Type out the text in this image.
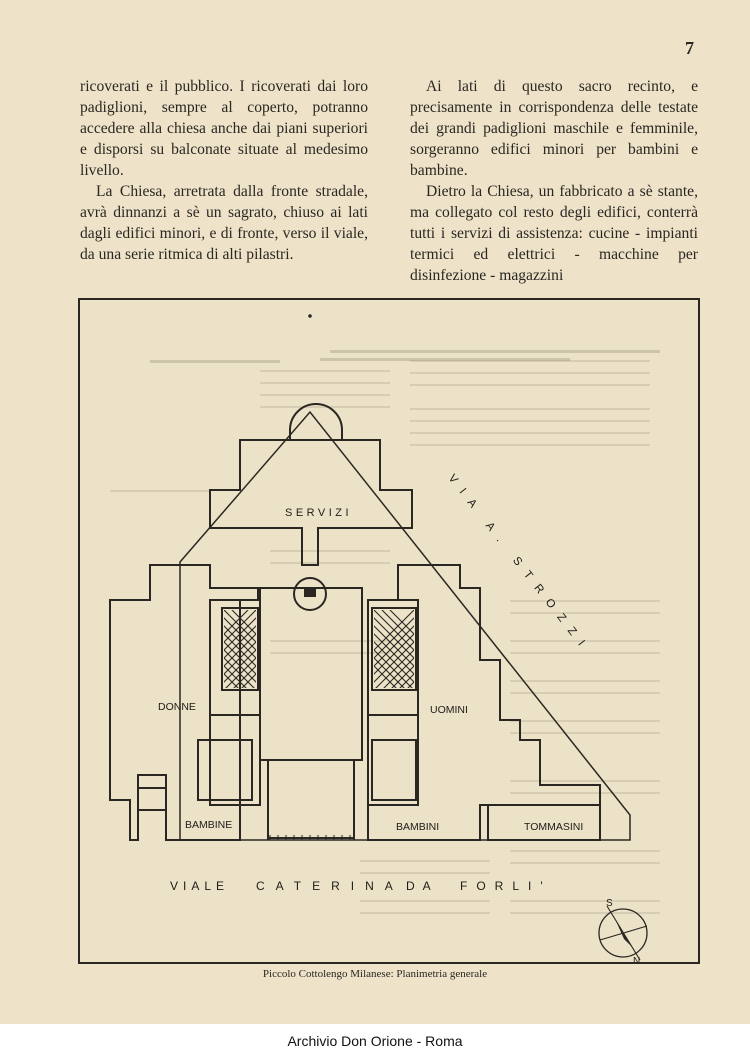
7

ricoverati e il pubblico. I ricoverati dai loro padiglioni, sempre al coperto, potranno accedere alla chiesa anche dai piani superiori e disporsi su balconate situate al medesimo livello.

La Chiesa, arretrata dalla fronte stradale, avrà dinnanzi a sè un sagrato, chiuso ai lati dagli edifici minori, e di fronte, verso il viale, da una serie ritmica di alti pilastri.

Ai lati di questo sacro recinto, e precisamente in corrispondenza delle testate dei grandi padiglioni maschile e femminile, sorgeranno edifici minori per bambini e bambine.

Dietro la Chiesa, un fabbricato a sè stante, ma collegato col resto degli edifici, conterrà tutti i servizi di assistenza: cucine - impianti termici ed elettrici - macchine per disinfezione - magazzini

SERVIZI
DONNE	UOMINI
BAMBINE	BAMBINI	TOMMASINI
VIA A. STROZZI
VIALE CATERINA DA FORLI'
S
N
Piccolo Cottolengo Milanese: Planimetria generale
Archivio Don Orione - Roma
